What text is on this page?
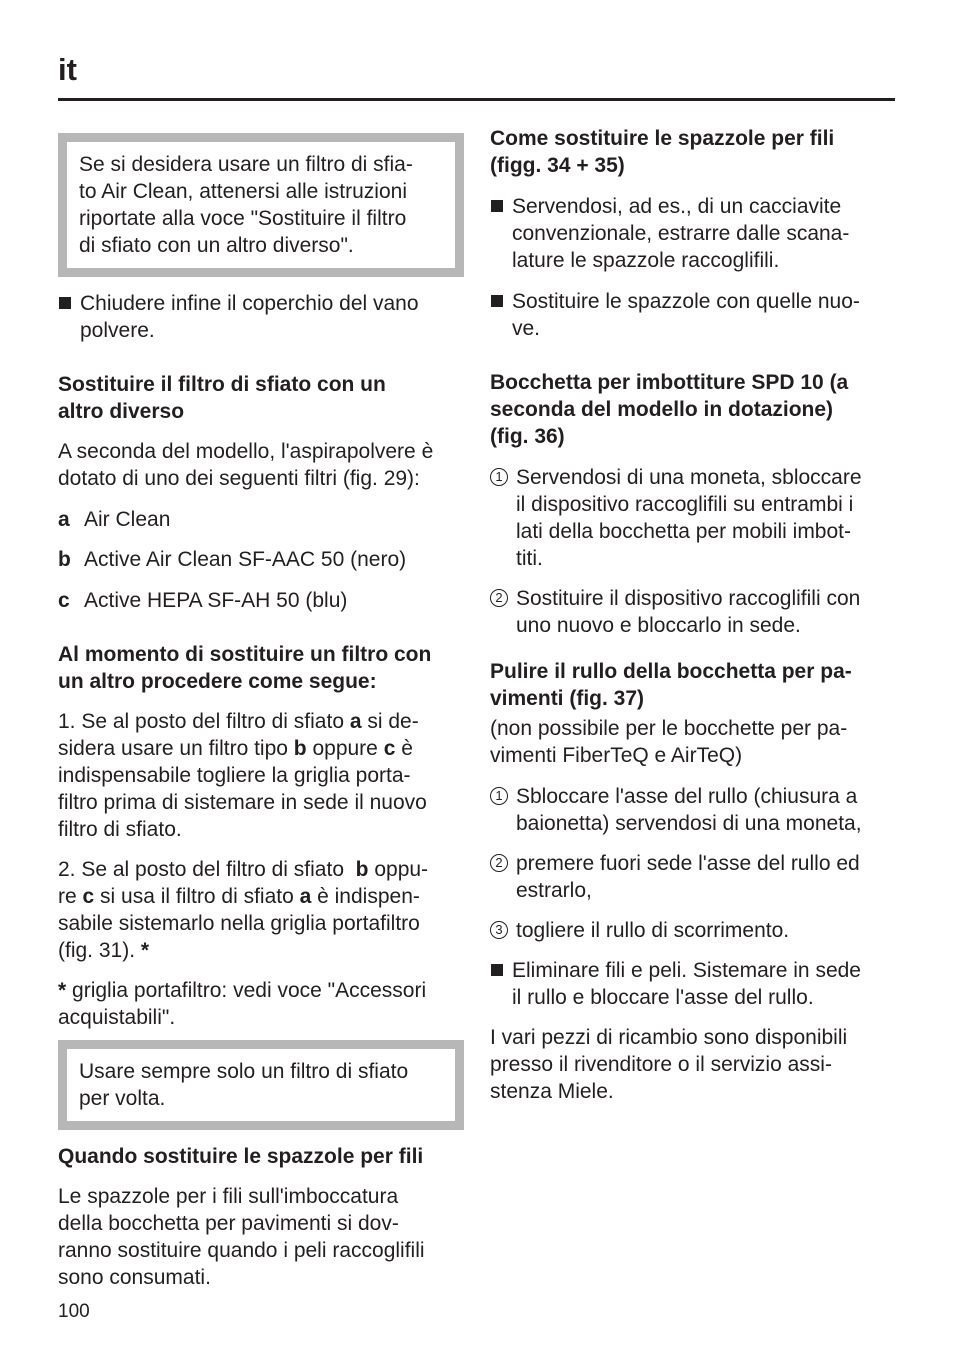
it

Se si desidera usare un filtro di sfia-
to Air Clean, attenersi alle istruzioni
riportate alla voce "Sostituire il filtro
di sfiato con un altro diverso".

Chiudere infine il coperchio del vano
polvere.
Sostituire il filtro di sfiato con un
altro diverso

A seconda del modello, l'aspirapolvere è
dotato di uno dei seguenti filtri (fig. 29):

a Air Clean
b Active Air Clean SF-AAC 50 (nero)
c Active HEPA SF-AH 50 (blu)
Al momento di sostituire un filtro con
un altro procedere come segue:

1. Se al posto del filtro di sfiato a si de-
sidera usare un filtro tipo b oppure c è
indispensabile togliere la griglia porta-
filtro prima di sistemare in sede il nuovo
filtro di sfiato.

2. Se al posto del filtro di sfiato  b oppu-
re c si usa il filtro di sfiato a è indispen-
sabile sistemarlo nella griglia portafiltro
(fig. 31). *

* griglia portafiltro: vedi voce "Accessori
acquistabili".

Usare sempre solo un filtro di sfiato
per volta.

Quando sostituire le spazzole per fili

Le spazzole per i fili sull'imboccatura
della bocchetta per pavimenti si dov-
ranno sostituire quando i peli raccoglifili
sono consumati.

Come sostituire le spazzole per fili
(figg. 34 + 35)
Servendosi, ad es., di un cacciavite
convenzionale, estrarre dalle scana-
lature le spazzole raccoglifili.
Sostituire le spazzole con quelle nuo-
ve.
Bocchetta per imbottiture SPD 10 (a
seconda del modello in dotazione)
(fig. 36)
1 Servendosi di una moneta, sbloccare
il dispositivo raccoglifili su entrambi i
lati della bocchetta per mobili imbot-
titi.
2 Sostituire il dispositivo raccoglifili con
uno nuovo e bloccarlo in sede.
Pulire il rullo della bocchetta per pa-
vimenti (fig. 37)

(non possibile per le bocchette per pa-
vimenti FiberTeQ e AirTeQ)

1 Sbloccare l'asse del rullo (chiusura a
baionetta) servendosi di una moneta,
2 premere fuori sede l'asse del rullo ed
estrarlo,
3 togliere il rullo di scorrimento.
Eliminare fili e peli. Sistemare in sede
il rullo e bloccare l'asse del rullo.

I vari pezzi di ricambio sono disponibili
presso il rivenditore o il servizio assi-
stenza Miele.

100
